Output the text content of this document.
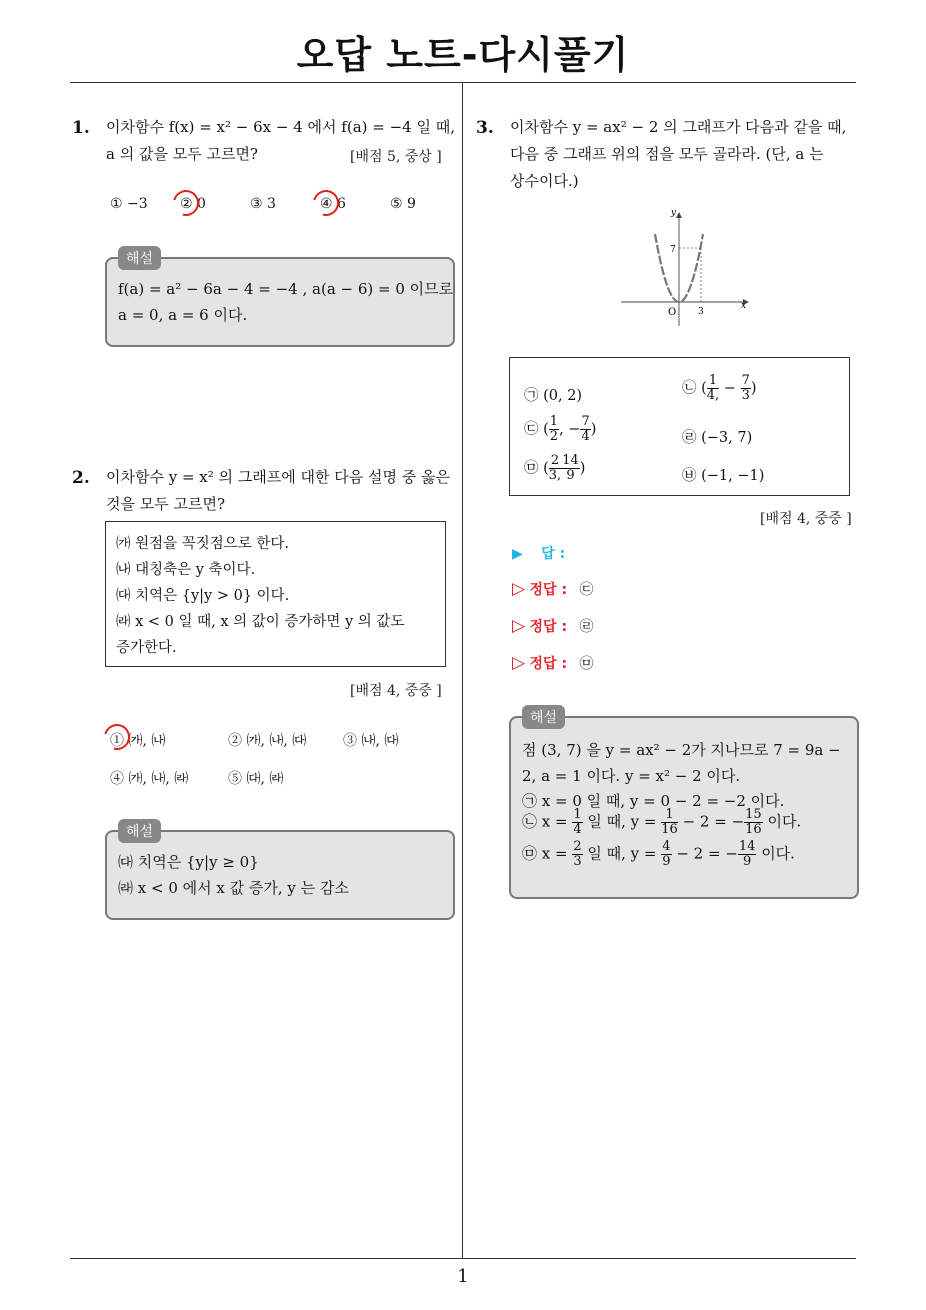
오답 노트-다시풀기
1. 이차함수 f(x) = x² − 6x − 4 에서 f(a) = −4 일 때,
a 의 값을 모두 고르면?	[배점 5, 중상 ]
① −3 ② 0	③ 3	④ 6	⑤ 9
해설
f(a) = a² − 6a − 4 = −4 , a(a − 6) = 0 이므로
a = 0, a = 6 이다.
2. 이차함수 y = x² 의 그래프에 대한 다음 설명 중 옳은
것을 모두 고르면?
㈎ 원점을 꼭짓점으로 한다.
㈏ 대칭축은 y 축이다.
㈐ 치역은 {y|y > 0} 이다.
㈑ x < 0 일 때, x 의 값이 증가하면 y 의 값도
증가한다.
[배점 4, 중중 ]
① ㈎, ㈏	② ㈎, ㈏, ㈐	③ ㈏, ㈐
④ ㈎, ㈏, ㈑	⑤ ㈐, ㈑
해설
㈐ 치역은 {y|y ≥ 0}
㈑ x < 0 에서 x 값 증가, y 는 감소
3. 이차함수 y = ax² − 2 의 그래프가 다음과 같을 때,
다음 중 그래프 위의 점을 모두 골라라. (단, a 는
상수이다.)
y
x
O
7
3
㉠ (0, 2)	㉡ ( $\frac{1}{4,} - \frac{7}{3}$ )
㉢ ( $\frac{1}{2}$ , − $\frac{7}{4}$ )
㉣ (−3, 7)
㉤ ( $\frac{2}{3,} \frac{14}{9}$ )	㉥ (−1, −1)
[배점 4, 중중 ]
▶ 답 :
▷ 정답 : ㉢
▷ 정답 : ㉣
▷ 정답 : ㉤
해설
점 (3, 7) 을 y = ax² − 2가 지나므로 7 = 9a −
2, a = 1 이다. y = x² − 2 이다.
㉠ x = 0 일 때, y = 0 − 2 = −2 이다.
㉡ $x = \frac{1}{4}$ 일 때, $y = \frac{1}{16} - 2$ = − $\frac{15}{16}$ 이다.
㉤ $x = \frac{2}{3}$ 일 때, $y = \frac{4}{9} - 2$ = − $\frac{14}{9}$ 이다.
1
